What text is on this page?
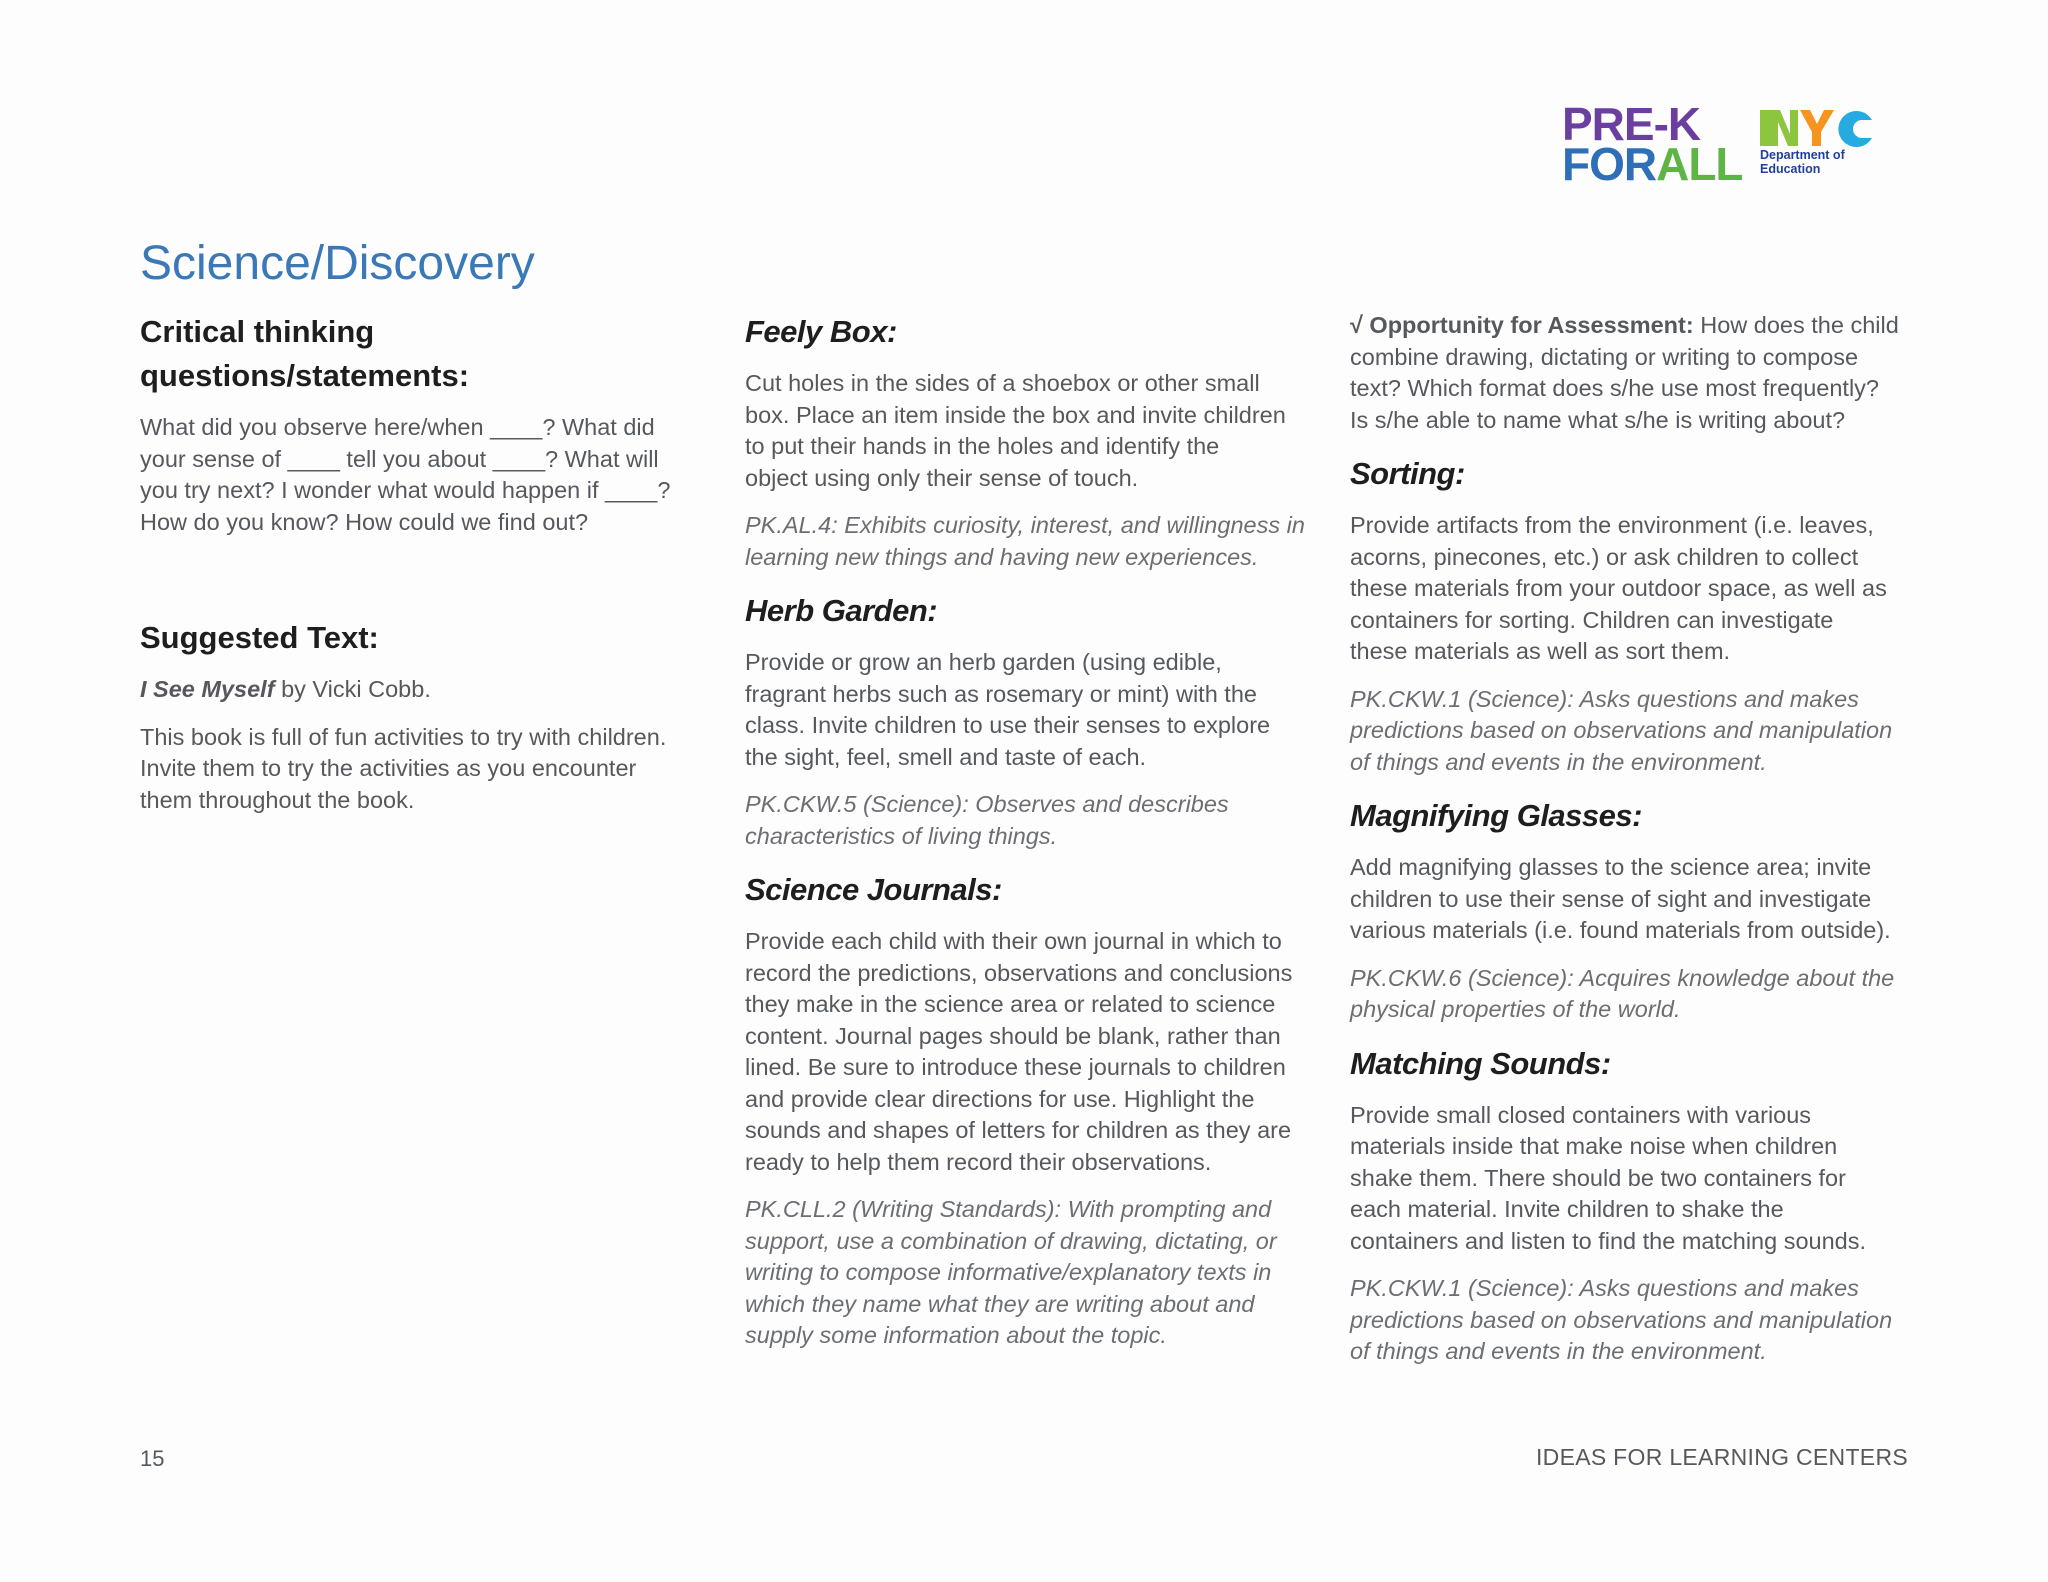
PRE-K
FORALL Department of
Education
Science/Discovery
Critical thinking questions/statements:

What did you observe here/when ____? What did

your sense of ____ tell you about ____? What will

you try next? I wonder what would happen if ____?

How do you know? How could we find out?

Suggested Text:

I See Myself by Vicki Cobb.

This book is full of fun activities to try with children.

Invite them to try the activities as you encounter

them throughout the book.

Feely Box:

Cut holes in the sides of a shoebox or other small

box. Place an item inside the box and invite children

to put their hands in the holes and identify the

object using only their sense of touch.

PK.AL.4: Exhibits curiosity, interest, and willingness in

learning new things and having new experiences.

Herb Garden:

Provide or grow an herb garden (using edible,

fragrant herbs such as rosemary or mint) with the

class. Invite children to use their senses to explore

the sight, feel, smell and taste of each.

PK.CKW.5 (Science): Observes and describes

characteristics of living things.

Science Journals:

Provide each child with their own journal in which to

record the predictions, observations and conclusions

they make in the science area or related to science

content. Journal pages should be blank, rather than

lined. Be sure to introduce these journals to children

and provide clear directions for use. Highlight the

sounds and shapes of letters for children as they are

ready to help them record their observations.

PK.CLL.2 (Writing Standards): With prompting and

support, use a combination of drawing, dictating, or

writing to compose informative/explanatory texts in

which they name what they are writing about and

supply some information about the topic.

√ Opportunity for Assessment: How does the child

combine drawing, dictating or writing to compose

text? Which format does s/he use most frequently?

Is s/he able to name what s/he is writing about?

Sorting:

Provide artifacts from the environment (i.e. leaves,

acorns, pinecones, etc.) or ask children to collect

these materials from your outdoor space, as well as

containers for sorting. Children can investigate

these materials as well as sort them.

PK.CKW.1 (Science): Asks questions and makes

predictions based on observations and manipulation

of things and events in the environment.

Magnifying Glasses:

Add magnifying glasses to the science area; invite

children to use their sense of sight and investigate

various materials (i.e. found materials from outside).

PK.CKW.6 (Science): Acquires knowledge about the

physical properties of the world.

Matching Sounds:

Provide small closed containers with various

materials inside that make noise when children

shake them. There should be two containers for

each material. Invite children to shake the

containers and listen to find the matching sounds.

PK.CKW.1 (Science): Asks questions and makes

predictions based on observations and manipulation

of things and events in the environment.

15	IDEAS FOR LEARNING CENTERS
